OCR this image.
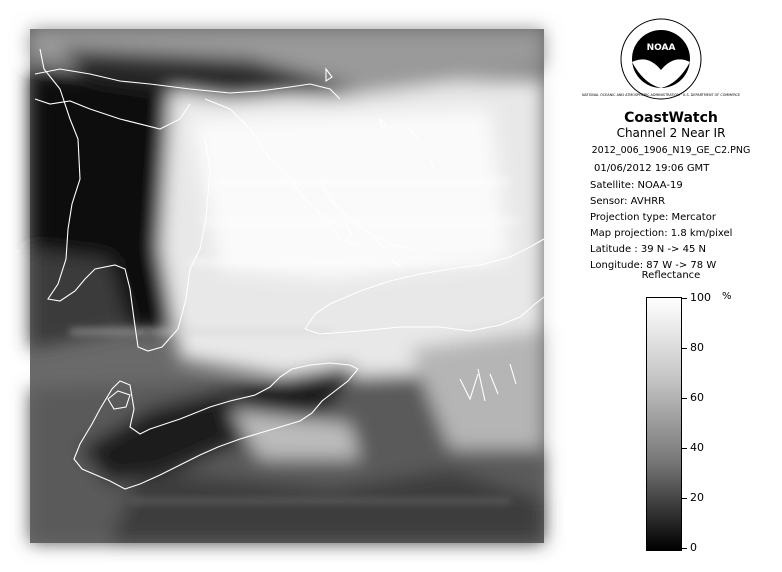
NOAA
NATIONAL OCEANIC AND ATMOSPHERIC ADMINISTRATION · U.S. DEPARTMENT OF COMMERCE
CoastWatch
Channel 2 Near IR
2012_006_1906_N19_GE_C2.PNG
01/06/2012 19:06 GMT
Satellite: NOAA-19
Sensor: AVHRR
Projection type: Mercator
Map projection: 1.8 km/pixel
Latitude : 39 N -> 45 N
Longitude: 87 W -> 78 W
Reflectance
%
100
80
60
40
20
0
